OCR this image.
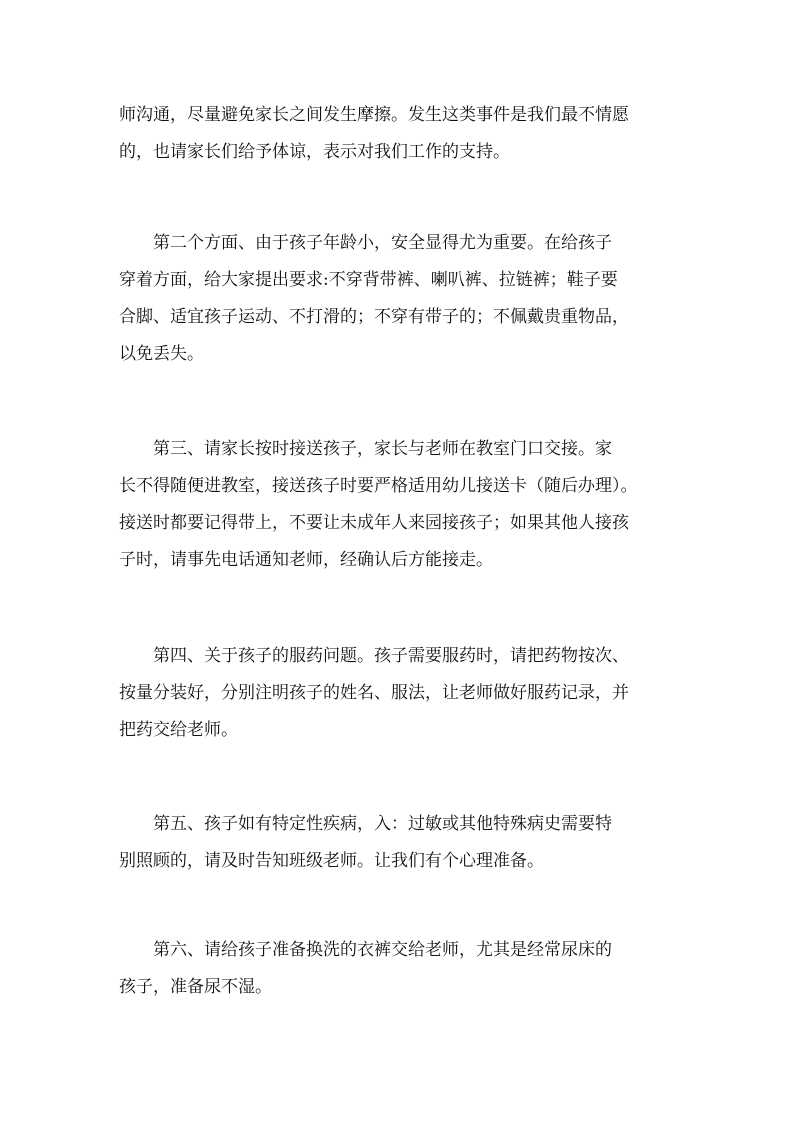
师沟通，尽量避免家长之间发生摩擦。发生这类事件是我们最不情愿
的，也请家长们给予体谅，表示对我们工作的支持。
　　第二个方面、由于孩子年龄小，安全显得尤为重要。在给孩子
穿着方面，给大家提出要求:不穿背带裤、喇叭裤、拉链裤；鞋子要
合脚、适宜孩子运动、不打滑的；不穿有带子的；不佩戴贵重物品，
以免丢失。
　　第三、请家长按时接送孩子，家长与老师在教室门口交接。家
长不得随便进教室，接送孩子时要严格适用幼儿接送卡（随后办理）。
接送时都要记得带上，不要让未成年人来园接孩子；如果其他人接孩
子时，请事先电话通知老师，经确认后方能接走。
　　第四、关于孩子的服药问题。孩子需要服药时，请把药物按次、
按量分装好，分别注明孩子的姓名、服法，让老师做好服药记录，并
把药交给老师。
　　第五、孩子如有特定性疾病，入：过敏或其他特殊病史需要特
别照顾的，请及时告知班级老师。让我们有个心理准备。
　　第六、请给孩子准备换洗的衣裤交给老师，尤其是经常尿床的
孩子，准备尿不湿。
